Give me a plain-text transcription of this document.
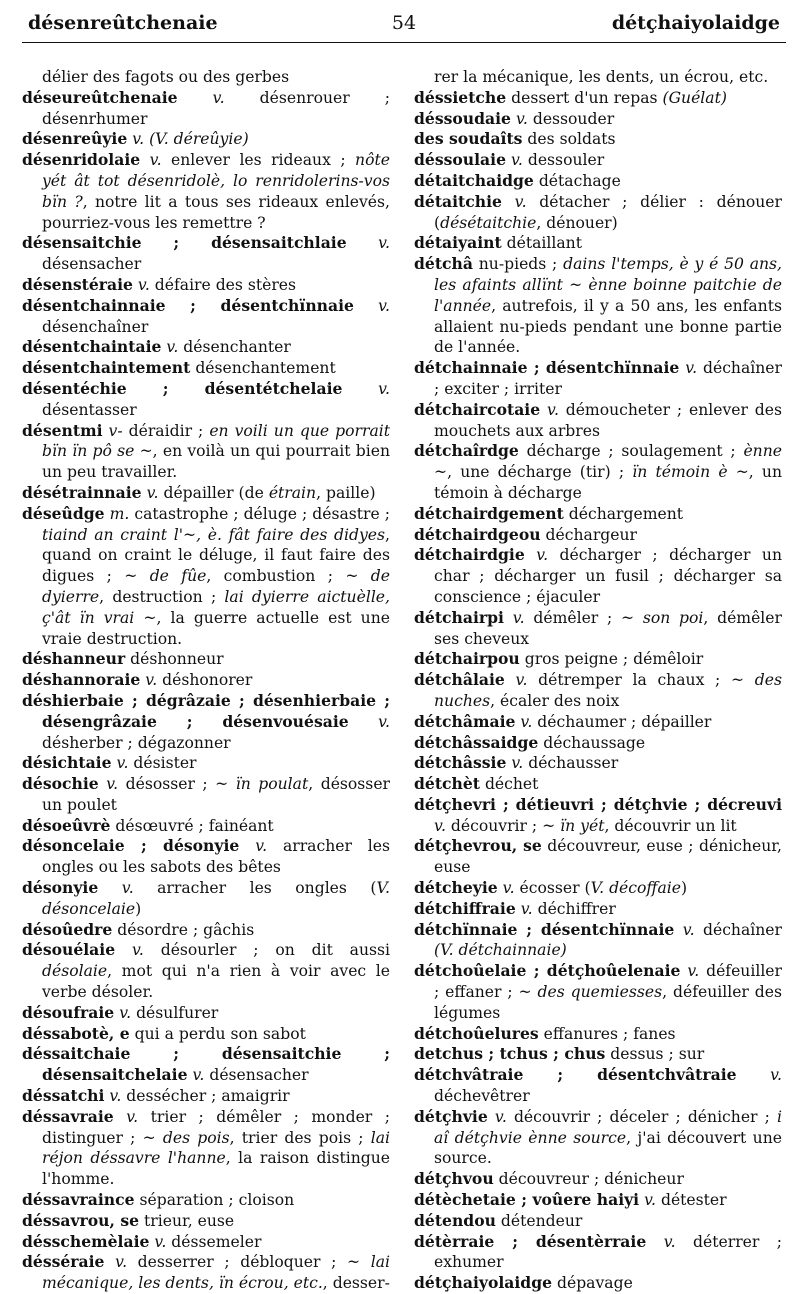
désenreûtchenaie	54	détçhaiyolaidge

délier des fagots ou des gerbes

déseureûtchenaie v. désenrouer ; désenrhumer

désenreûyie v. (V. déreûyie)

désenridolaie v. enlever les rideaux ; nôte yét ât tot désenridolè, lo renridolerins-vos bïn ?, notre lit a tous ses rideaux enlevés, pourriez-vous les remettre ?

désensaitchie ; désensaitchlaie v. désensacher

désenstéraie v. défaire des stères

désentchainnaie ; désentchïnnaie v. désenchaîner

désentchaintaie v. désenchanter

désentchaintement désenchantement

désentéchie ; désentétchelaie v. désentasser

désentmi v- déraidir ; en voili un que porrait bïn ïn pô se ~, en voilà un qui pourrait bien un peu travailler.

désétrainnaie v. dépailler (de étrain, paille)

déseûdge m. catastrophe ; déluge ; désastre ; tiaind an craint l'~, è. fât faire des didyes, quand on craint le déluge, il faut faire des digues ; ~ de fûe, combustion ; ~ de dyierre, destruction ; lai dyierre aictuèlle, ç'ât ïn vrai ~, la guerre actuelle est une vraie destruction.

déshanneur déshonneur

déshannoraie v. déshonorer

déshierbaie ; dégrâzaie ; désenhierbaie ; désengrâzaie ; désenvouésaie v. désherber ; dégazonner

désichtaie v. désister

désochie v. désosser ; ~ ïn poulat, désosser un poulet

désoeûvrè désœuvré ; fainéant

désoncelaie ; désonyie v. arracher les ongles ou les sabots des bêtes

désonyie v. arracher les ongles (V. désoncelaie)

désoûedre désordre ; gâchis

désouélaie v. désourler ; on dit aussi désolaie, mot qui n'a rien à voir avec le verbe désoler.

désoufraie v. désulfurer

déssabotè, e qui a perdu son sabot

déssaitchaie ; désensaitchie ; désensaitchelaie v. désensacher

déssatchi v. dessécher ; amaigrir

déssavraie v. trier ; démêler ; monder ; distinguer ; ~ des pois, trier des pois ; lai réjon déssavre l'hanne, la raison distingue l'homme.

déssavraince séparation ; cloison

déssavrou, se trieur, euse

désschemèlaie v. déssemeler

désséraie v. desserrer ; débloquer ; ~ lai mécanique, les dents, ïn écrou, etc., desser-

rer la mécanique, les dents, un écrou, etc.

déssietche dessert d'un repas (Guélat)

déssoudaie v. dessouder

des soudaîts des soldats

déssoulaie v. dessouler

détaitchaidge détachage

détaitchie v. détacher ; délier : dénouer (désétaitchie, dénouer)

détaiyaint détaillant

détchâ nu-pieds ; dains l'temps, è y é 50 ans, les afaints allïnt ~ ènne boinne paitchie de l'année, autrefois, il y a 50 ans, les enfants allaient nu-pieds pendant une bonne partie de l'année.

détchainnaie ; désentchïnnaie v. déchaîner ; exciter ; irriter

détchaircotaie v. démoucheter ; enlever des mouchets aux arbres

détchaîrdge décharge ; soulagement ; ènne ~, une décharge (tir) ; ïn témoin è ~, un témoin à décharge

détchairdgement déchargement

détchairdgeou déchargeur

détchairdgie v. décharger ; décharger un char ; décharger un fusil ; décharger sa conscience ; éjaculer

détchairpi v. démêler ; ~ son poi, démêler ses cheveux

détchairpou gros peigne ; démêloir

détchâlaie v. détremper la chaux ; ~ des nuches, écaler des noix

détchâmaie v. déchaumer ; dépailler

détchâssaidge déchaussage

détchâssie v. déchausser

détchèt déchet

détçhevri ; détieuvri ; détçhvie ; décreuvi v. découvrir ; ~ ïn yét, découvrir un lit

détçhevrou, se découvreur, euse ; dénicheur, euse

détcheyie v. écosser (V. décoffaie)

détchiffraie v. déchiffrer

détchïnnaie ; désentchïnnaie v. déchaîner (V. détchainnaie)

détchoûelaie ; détçhoûelenaie v. défeuiller ; effaner ; ~ des quemiesses, défeuiller des légumes

détchoûelures effanures ; fanes

detchus ; tchus ; chus dessus ; sur

détchvâtraie ; désentchvâtraie v. déchevêtrer

détçhvie v. découvrir ; déceler ; dénicher ; i aî détçhvie ènne source, j'ai découvert une source.

détçhvou découvreur ; dénicheur

détèchetaie ; voûere haiyi v. détester

détendou détendeur

détèrraie ; désentèrraie v. déterrer ; exhumer

détçhaiyolaidge dépavage
